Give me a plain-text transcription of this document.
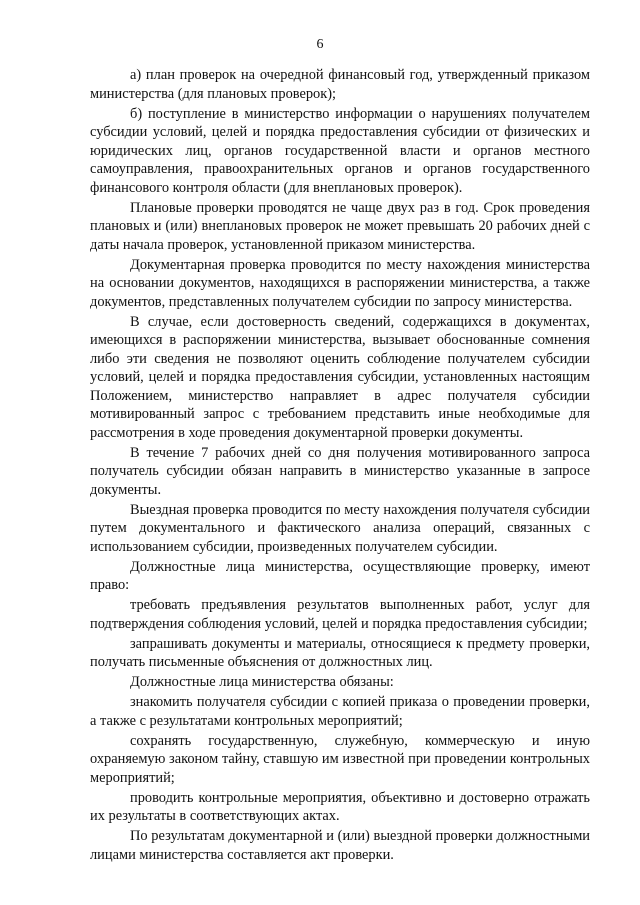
6

а) план проверок на очередной финансовый год, утвержденный приказом министерства (для плановых проверок);

б) поступление в министерство информации о нарушениях получателем субсидии условий, целей и порядка предоставления субсидии от физических и юридических лиц, органов государственной власти и органов местного самоуправления, правоохранительных органов и органов государственного финансового контроля области (для внеплановых проверок).

Плановые проверки проводятся не чаще двух раз в год. Срок проведения плановых и (или) внеплановых проверок не может превышать 20 рабочих дней с даты начала проверок, установленной приказом министерства.

Документарная проверка проводится по месту нахождения министерства на основании документов, находящихся в распоряжении министерства, а также документов, представленных получателем субсидии по запросу министерства.

В случае, если достоверность сведений, содержащихся в документах, имеющихся в распоряжении министерства, вызывает обоснованные сомнения либо эти сведения не позволяют оценить соблюдение получателем субсидии условий, целей и порядка предоставления субсидии, установленных настоящим Положением, министерство направляет в адрес получателя субсидии мотивированный запрос с требованием представить иные необходимые для рассмотрения в ходе проведения документарной проверки документы.

В течение 7 рабочих дней со дня получения мотивированного запроса получатель субсидии обязан направить в министерство указанные в запросе документы.

Выездная проверка проводится по месту нахождения получателя субсидии путем документального и фактического анализа операций, связанных с использованием субсидии, произведенных получателем субсидии.

Должностные лица министерства, осуществляющие проверку, имеют право:

требовать предъявления результатов выполненных работ, услуг для подтверждения соблюдения условий, целей и порядка предоставления субсидии;

запрашивать документы и материалы, относящиеся к предмету проверки, получать письменные объяснения от должностных лиц.

Должностные лица министерства обязаны:

знакомить получателя субсидии с копией приказа о проведении проверки, а также с результатами контрольных мероприятий;

сохранять государственную, служебную, коммерческую и иную охраняемую законом тайну, ставшую им известной при проведении контрольных мероприятий;

проводить контрольные мероприятия, объективно и достоверно отражать их результаты в соответствующих актах.

По результатам документарной и (или) выездной проверки должностными лицами министерства составляется акт проверки.
